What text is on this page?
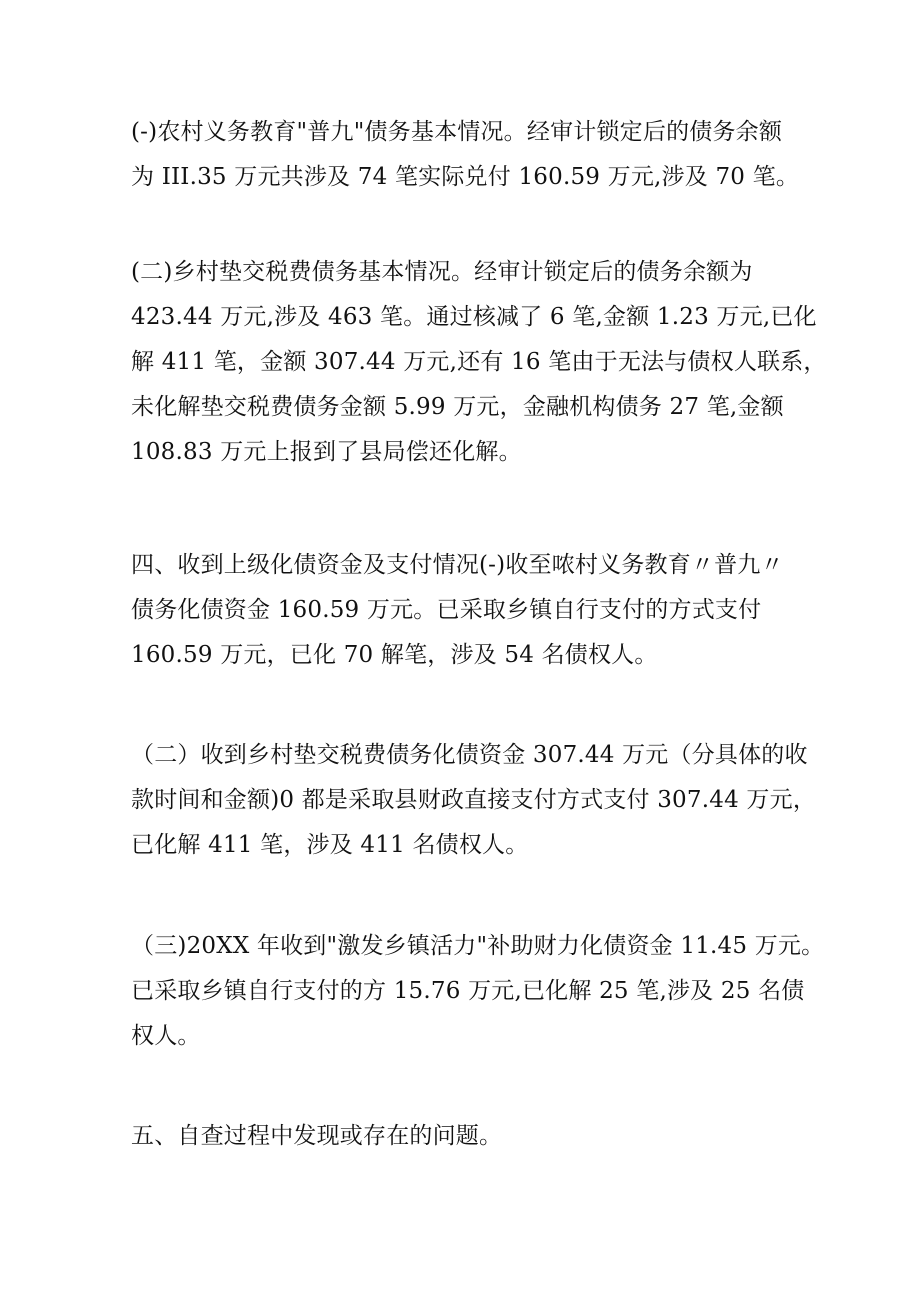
(-)农村义务教育"普九"债务基本情况。经审计锁定后的债务余额
为 III.35 万元共涉及 74 笔实际兑付 160.59 万元,涉及 70 笔。
(二)乡村垫交税费债务基本情况。经审计锁定后的债务余额为
423.44 万元,涉及 463 笔。通过核减了 6 笔,金额 1.23 万元,已化
解 411 笔，金额 307.44 万元,还有 16 笔由于无法与债权人联系，
未化解垫交税费债务金额 5.99 万元，金融机构债务 27 笔,金额
108.83 万元上报到了县局偿还化解。
四、收到上级化债资金及支付情况(-)收至哝村义务教育〃普九〃
债务化债资金 160.59 万元。已采取乡镇自行支付的方式支付
160.59 万元，已化 70 解笔，涉及 54 名债权人。
（二）收到乡村垫交税费债务化债资金 307.44 万元（分具体的收
款时间和金额)0 都是采取县财政直接支付方式支付 307.44 万元，
已化解 411 笔，涉及 411 名债权人。
（三)20XX 年收到"激发乡镇活力"补助财力化债资金 11.45 万元。
已采取乡镇自行支付的方 15.76 万元,已化解 25 笔,涉及 25 名债
权人。
五、自查过程中发现或存在的问题。
